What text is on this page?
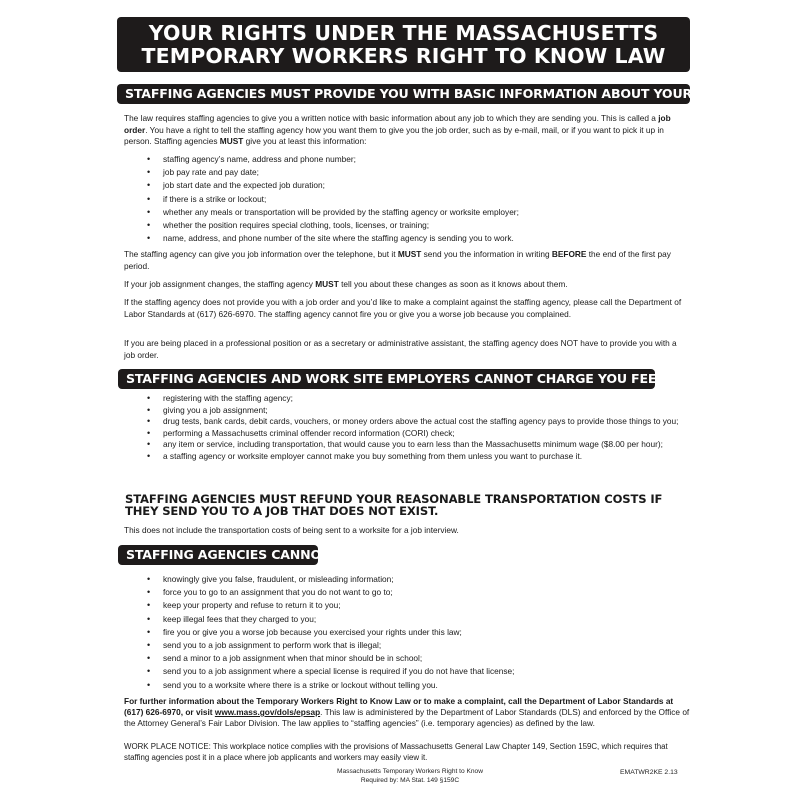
YOUR RIGHTS UNDER THE MASSACHUSETTS
TEMPORARY WORKERS RIGHT TO KNOW LAW
STAFFING AGENCIES MUST PROVIDE YOU WITH BASIC INFORMATION ABOUT YOUR JOB.

The law requires staffing agencies to give you a written notice with basic information about any job to which they are sending you. This is called a job order. You have a right to tell the staffing agency how you want them to give you the job order, such as by e-mail, mail, or if you want to pick it up in person. Staffing agencies MUST give you at least this information:

• staffing agency’s name, address and phone number;
• job pay rate and pay date;
• job start date and the expected job duration;
• if there is a strike or lockout;
• whether any meals or transportation will be provided by the staffing agency or worksite employer;
• whether the position requires special clothing, tools, licenses, or training;
• name, address, and phone number of the site where the staffing agency is sending you to work.

The staffing agency can give you job information over the telephone, but it MUST send you the information in writing BEFORE the end of the first pay period.

If your job assignment changes, the staffing agency MUST tell you about these changes as soon as it knows about them.

If the staffing agency does not provide you with a job order and you’d like to make a complaint against the staffing agency, please call the Department of Labor Standards at (617) 626-6970. The staffing agency cannot fire you or give you a worse job because you complained.

If you are being placed in a professional position or as a secretary or administrative assistant, the staffing agency does NOT have to provide you with a job order.

STAFFING AGENCIES AND WORK SITE EMPLOYERS CANNOT CHARGE YOU FEES FOR:
• registering with the staffing agency;
• giving you a job assignment;
• drug tests, bank cards, debit cards, vouchers, or money orders above the actual cost the staffing agency pays to provide those things to you;
• performing a Massachusetts criminal offender record information (CORI) check;
• any item or service, including transportation, that would cause you to earn less than the Massachusetts minimum wage ($8.00 per hour);
• a staffing agency or worksite employer cannot make you buy something from them unless you want to purchase it.
STAFFING AGENCIES MUST REFUND YOUR REASONABLE TRANSPORTATION COSTS IF THEY SEND YOU TO A JOB THAT DOES NOT EXIST.

This does not include the transportation costs of being sent to a worksite for a job interview.

STAFFING AGENCIES CANNOT:
• knowingly give you false, fraudulent, or misleading information;
• force you to go to an assignment that you do not want to go to;
• keep your property and refuse to return it to you;
• keep illegal fees that they charged to you;
• fire you or give you a worse job because you exercised your rights under this law;
• send you to a job assignment to perform work that is illegal;
• send a minor to a job assignment when that minor should be in school;
• send you to a job assignment where a special license is required if you do not have that license;
• send you to a worksite where there is a strike or lockout without telling you.

For further information about the Temporary Workers Right to Know Law or to make a complaint, call the Department of Labor Standards at (617) 626-6970, or visit www.mass.gov/dols/epsap. This law is administered by the Department of Labor Standards (DLS) and enforced by the Office of the Attorney General’s Fair Labor Division. The law applies to “staffing agencies” (i.e. temporary agencies) as defined by the law.

WORK PLACE NOTICE: This workplace notice complies with the provisions of Massachusetts General Law Chapter 149, Section 159C, which requires that staffing agencies post it in a place where job applicants and workers may easily view it.

Massachusetts Temporary Workers Right to Know
Required by: MA Stat. 149 §159C
EMATWR2KE 2.13
